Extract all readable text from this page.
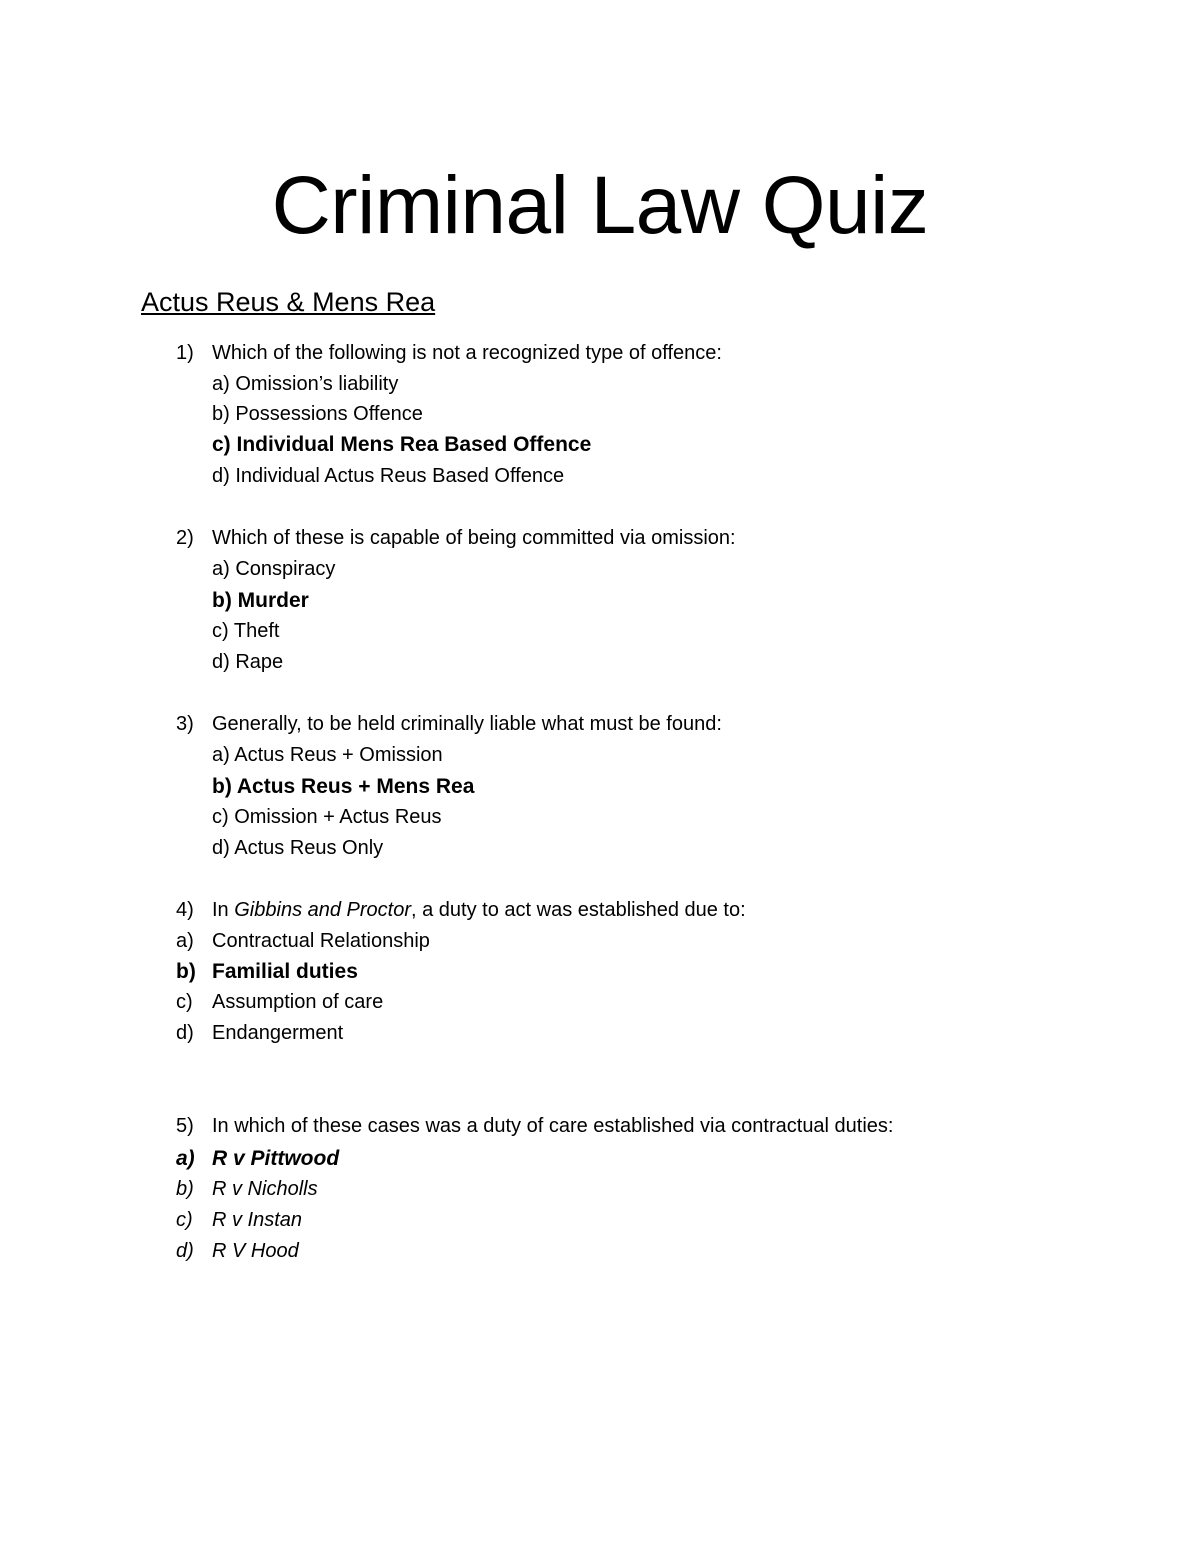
Criminal Law Quiz
Actus Reus & Mens Rea
1) Which of the following is not a recognized type of offence:
a) Omission’s liability
b) Possessions Offence
c) Individual Mens Rea Based Offence
d) Individual Actus Reus Based Offence
2) Which of these is capable of being committed via omission:
a) Conspiracy
b) Murder
c) Theft
d) Rape
3) Generally, to be held criminally liable what must be found:
a) Actus Reus + Omission
b) Actus Reus + Mens Rea
c) Omission + Actus Reus
d) Actus Reus Only
4) In Gibbins and Proctor, a duty to act was established due to:
a) Contractual Relationship
b) Familial duties
c) Assumption of care
d) Endangerment
5) In which of these cases was a duty of care established via contractual duties:
a) R v Pittwood
b) R v Nicholls
c) R v Instan
d) R V Hood
